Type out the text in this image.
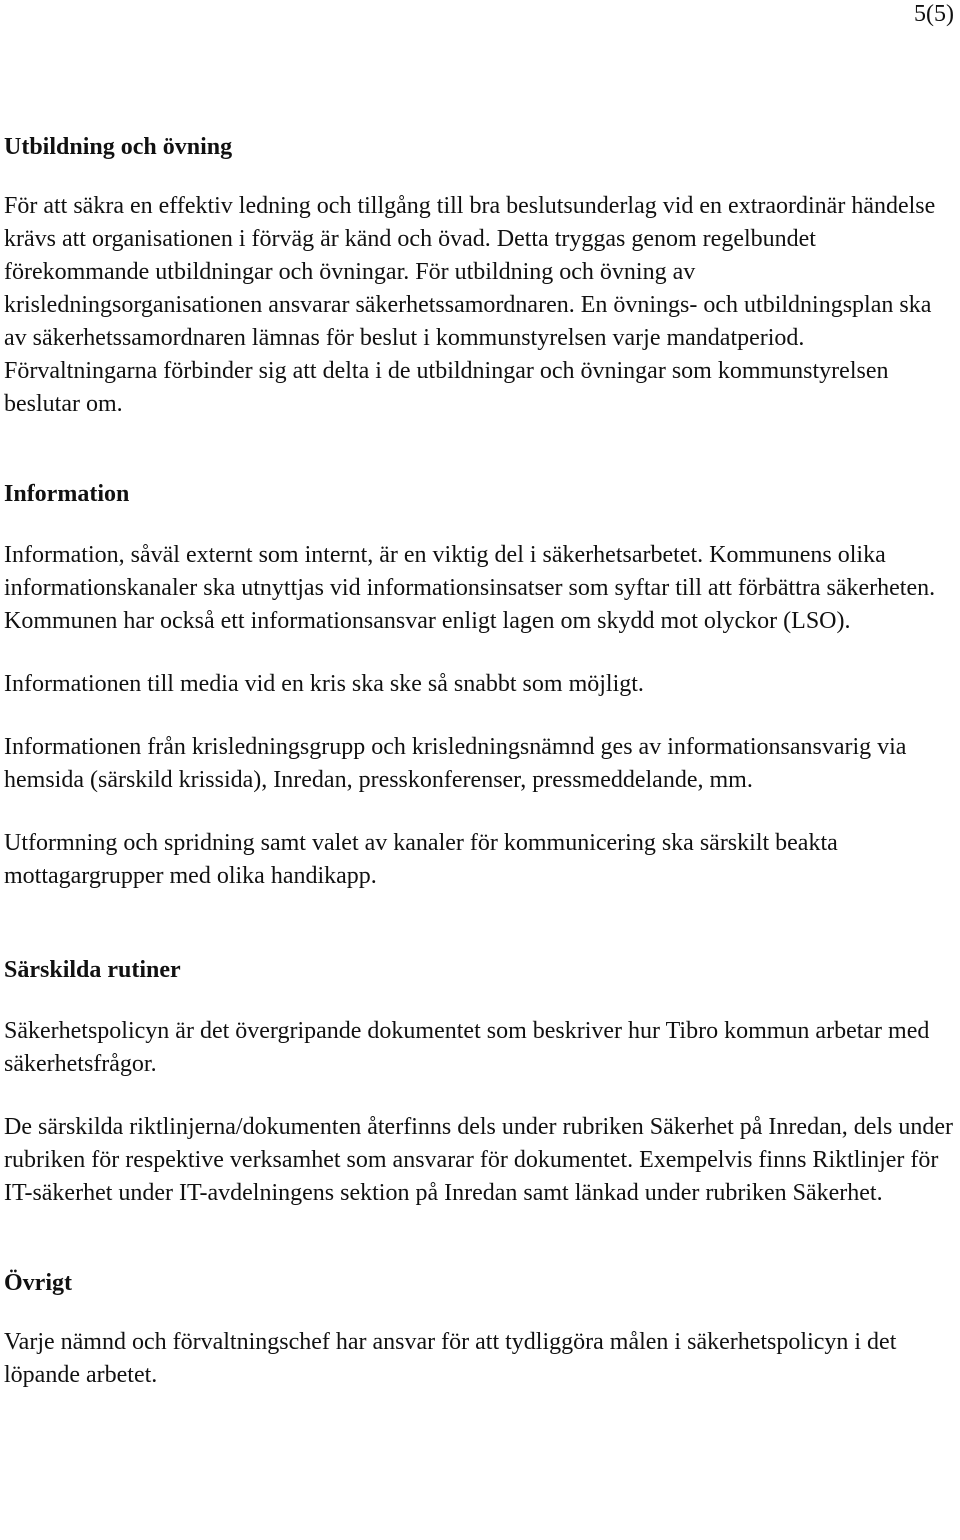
5(5)
Utbildning och övning

För att säkra en effektiv ledning och tillgång till bra beslutsunderlag vid en extraordinär händelse krävs att organisationen i förväg är känd och övad. Detta tryggas genom regelbundet förekommande utbildningar och övningar. För utbildning och övning av krisledningsorganisationen ansvarar säkerhetssamordnaren. En övnings- och utbildningsplan ska av säkerhetssamordnaren lämnas för beslut i kommunstyrelsen varje mandatperiod. Förvaltningarna förbinder sig att delta i de utbildningar och övningar som kommunstyrelsen beslutar om.

Information

Information, såväl externt som internt, är en viktig del i säkerhetsarbetet. Kommunens olika informationskanaler ska utnyttjas vid informationsinsatser som syftar till att förbättra säkerheten. Kommunen har också ett informationsansvar enligt lagen om skydd mot olyckor (LSO).

Informationen till media vid en kris ska ske så snabbt som möjligt.

Informationen från krisledningsgrupp och krisledningsnämnd ges av informationsansvarig via hemsida (särskild krissida), Inredan, presskonferenser, pressmeddelande, mm.

Utformning och spridning samt valet av kanaler för kommunicering ska särskilt beakta mottagargrupper med olika handikapp.

Särskilda rutiner

Säkerhetspolicyn är det övergripande dokumentet som beskriver hur Tibro kommun arbetar med säkerhetsfrågor.

De särskilda riktlinjerna/dokumenten återfinns dels under rubriken Säkerhet på Inredan, dels under rubriken för respektive verksamhet som ansvarar för dokumentet. Exempelvis finns Riktlinjer för IT-säkerhet under IT-avdelningens sektion på Inredan samt länkad under rubriken Säkerhet.

Övrigt

Varje nämnd och förvaltningschef har ansvar för att tydliggöra målen i säkerhetspolicyn i det löpande arbetet.
